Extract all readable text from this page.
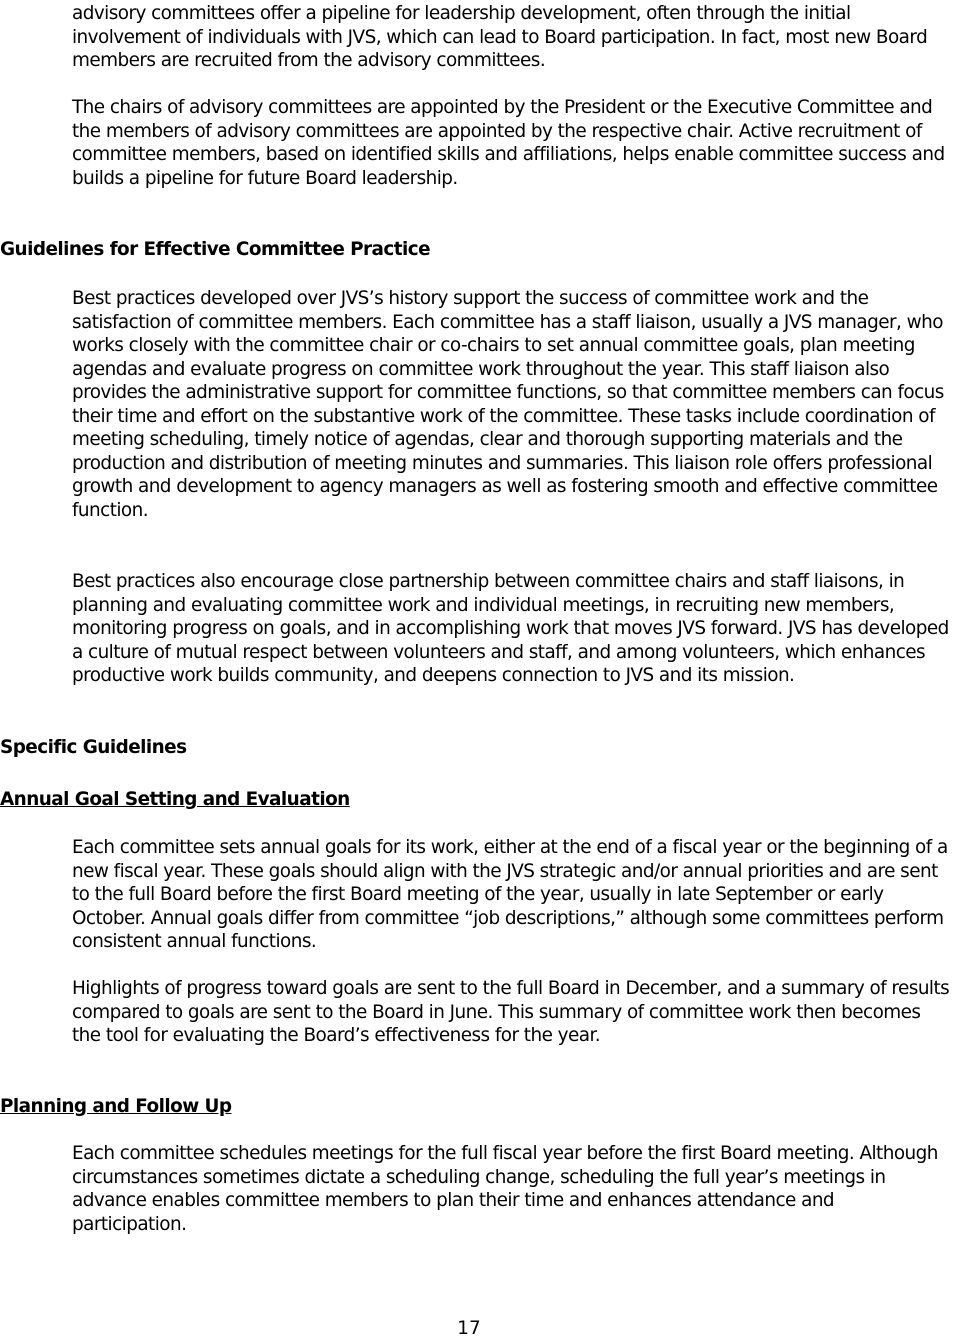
advisory committees offer a pipeline for leadership development, often through the initial involvement of individuals with JVS, which can lead to Board participation. In fact, most new Board members are recruited from the advisory committees.

The chairs of advisory committees are appointed by the President or the Executive Committee and the members of advisory committees are appointed by the respective chair. Active recruitment of committee members, based on identified skills and affiliations, helps enable committee success and builds a pipeline for future Board leadership.

Guidelines for Effective Committee Practice

Best practices developed over JVS’s history support the success of committee work and the satisfaction of committee members. Each committee has a staff liaison, usually a JVS manager, who works closely with the committee chair or co-chairs to set annual committee goals, plan meeting agendas and evaluate progress on committee work throughout the year. This staff liaison also provides the administrative support for committee functions, so that committee members can focus their time and effort on the substantive work of the committee. These tasks include coordination of meeting scheduling, timely notice of agendas, clear and thorough supporting materials and the production and distribution of meeting minutes and summaries. This liaison role offers professional growth and development to agency managers as well as fostering smooth and effective committee function.

Best practices also encourage close partnership between committee chairs and staff liaisons, in planning and evaluating committee work and individual meetings, in recruiting new members, monitoring progress on goals, and in accomplishing work that moves JVS forward. JVS has developed a culture of mutual respect between volunteers and staff, and among volunteers, which enhances productive work builds community, and deepens connection to JVS and its mission.

Specific Guidelines
Annual Goal Setting and Evaluation

Each committee sets annual goals for its work, either at the end of a fiscal year or the beginning of a new fiscal year. These goals should align with the JVS strategic and/or annual priorities and are sent to the full Board before the first Board meeting of the year, usually in late September or early October. Annual goals differ from committee “job descriptions,” although some committees perform consistent annual functions.

Highlights of progress toward goals are sent to the full Board in December, and a summary of results compared to goals are sent to the Board in June. This summary of committee work then becomes the tool for evaluating the Board’s effectiveness for the year.

Planning and Follow Up

Each committee schedules meetings for the full fiscal year before the first Board meeting. Although circumstances sometimes dictate a scheduling change, scheduling the full year’s meetings in advance enables committee members to plan their time and enhances attendance and participation.

17
